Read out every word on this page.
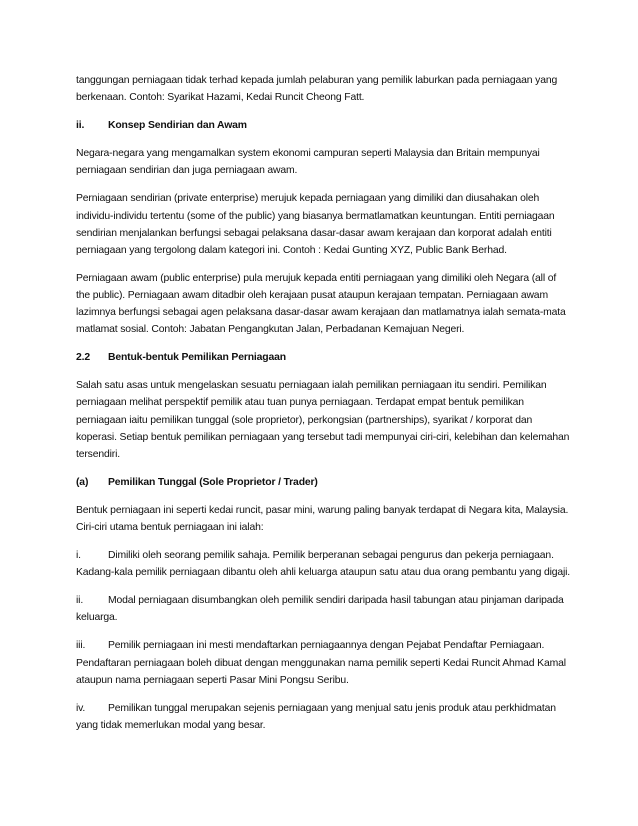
tanggungan perniagaan tidak terhad kepada jumlah pelaburan yang pemilik laburkan pada perniagaan yang berkenaan. Contoh: Syarikat Hazami, Kedai Runcit Cheong Fatt.

ii.	Konsep Sendirian dan Awam

Negara-negara yang mengamalkan system ekonomi campuran seperti Malaysia dan Britain mempunyai perniagaan sendirian dan juga perniagaan awam.

Perniagaan sendirian (private enterprise) merujuk kepada perniagaan yang dimiliki dan diusahakan oleh individu-individu tertentu (some of the public) yang biasanya bermatlamatkan keuntungan. Entiti perniagaan sendirian menjalankan berfungsi sebagai pelaksana dasar-dasar awam kerajaan dan korporat adalah entiti perniagaan yang tergolong dalam kategori ini. Contoh : Kedai Gunting XYZ, Public Bank Berhad.

Perniagaan awam (public enterprise) pula merujuk kepada entiti perniagaan yang dimiliki oleh Negara (all of the public). Perniagaan awam ditadbir oleh kerajaan pusat ataupun kerajaan tempatan. Perniagaan awam lazimnya berfungsi sebagai agen pelaksana dasar-dasar awam kerajaan dan matlamatnya ialah semata-mata matlamat sosial. Contoh: Jabatan Pengangkutan Jalan, Perbadanan Kemajuan Negeri.

2.2	Bentuk-bentuk Pemilikan Perniagaan

Salah satu asas untuk mengelaskan sesuatu perniagaan ialah pemilikan perniagaan itu sendiri. Pemilikan perniagaan melihat perspektif pemilik atau tuan punya perniagaan. Terdapat empat bentuk pemilikan perniagaan iaitu pemilikan tunggal (sole proprietor), perkongsian (partnerships), syarikat / korporat dan koperasi. Setiap bentuk pemilikan perniagaan yang tersebut tadi mempunyai ciri-ciri, kelebihan dan kelemahan tersendiri.

(a)	Pemilikan Tunggal (Sole Proprietor / Trader)

Bentuk perniagaan ini seperti kedai runcit, pasar mini, warung paling banyak terdapat di Negara kita, Malaysia. Ciri-ciri utama bentuk perniagaan ini ialah:

i.	Dimiliki oleh seorang pemilik sahaja. Pemilik berperanan sebagai pengurus dan pekerja perniagaan. Kadang-kala pemilik perniagaan dibantu oleh ahli keluarga ataupun satu atau dua orang pembantu yang digaji.

ii. Modal perniagaan disumbangkan oleh pemilik sendiri daripada hasil tabungan atau pinjaman daripada keluarga.

iii. Pemilik perniagaan ini mesti mendaftarkan perniagaannya dengan Pejabat Pendaftar Perniagaan. Pendaftaran perniagaan boleh dibuat dengan menggunakan nama pemilik seperti Kedai Runcit Ahmad Kamal ataupun nama perniagaan seperti Pasar Mini Pongsu Seribu.

iv. Pemilikan tunggal merupakan sejenis perniagaan yang menjual satu jenis produk atau perkhidmatan yang tidak memerlukan modal yang besar.
